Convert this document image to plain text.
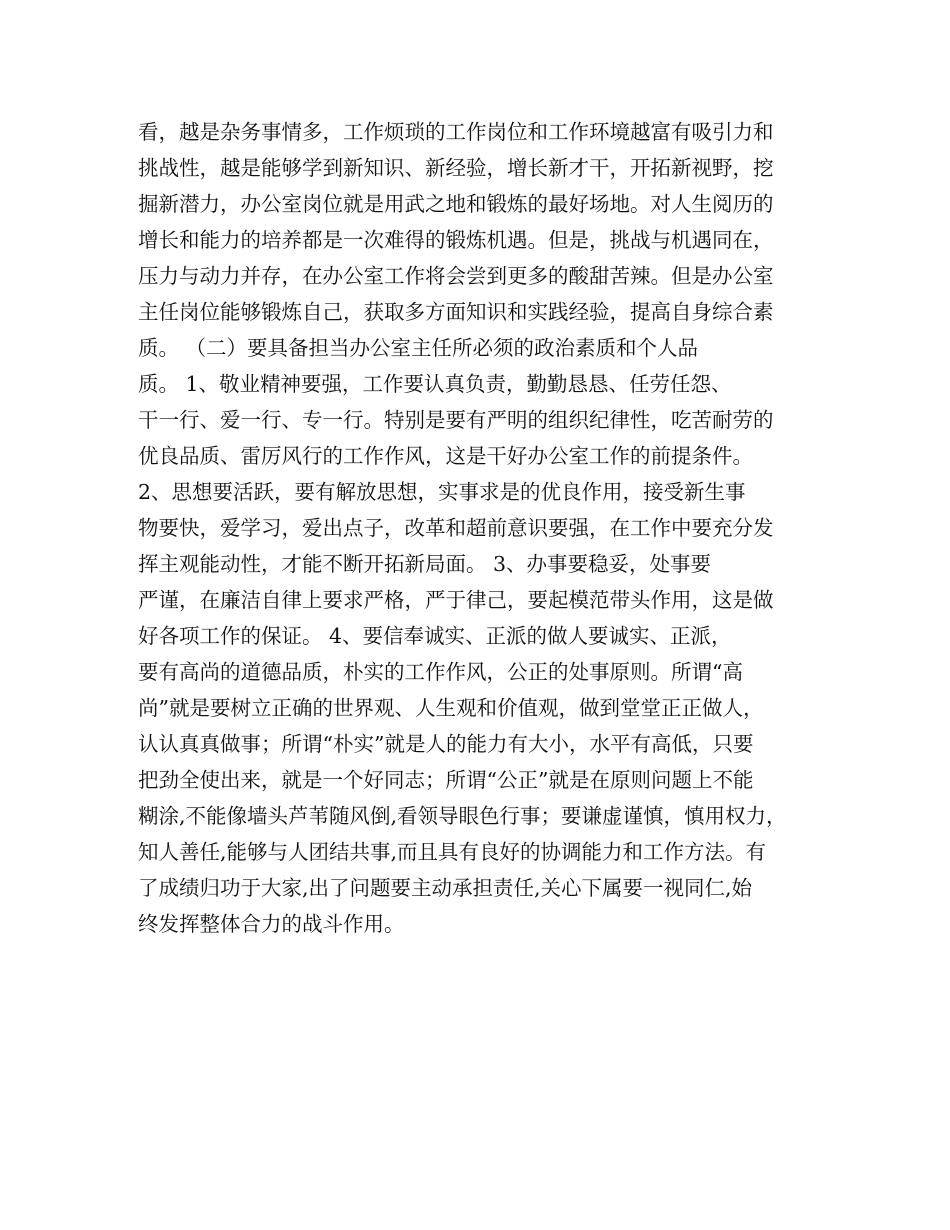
看，越是杂务事情多，工作烦琐的工作岗位和工作环境越富有吸引力和
挑战性，越是能够学到新知识、新经验，增长新才干，开拓新视野，挖
掘新潜力，办公室岗位就是用武之地和锻炼的最好场地。对人生阅历的
增长和能力的培养都是一次难得的锻炼机遇。但是，挑战与机遇同在，
压力与动力并存，在办公室工作将会尝到更多的酸甜苦辣。但是办公室
主任岗位能够锻炼自己，获取多方面知识和实践经验，提高自身综合素
质。 （二）要具备担当办公室主任所必须的政治素质和个人品
质。 1、敬业精神要强，工作要认真负责，勤勤恳恳、任劳任怨、
干一行、爱一行、专一行。特别是要有严明的组织纪律性，吃苦耐劳的
优良品质、雷厉风行的工作作风，这是干好办公室工作的前提条件。
2、思想要活跃，要有解放思想，实事求是的优良作用，接受新生事
物要快，爱学习，爱出点子，改革和超前意识要强，在工作中要充分发
挥主观能动性，才能不断开拓新局面。 3、办事要稳妥，处事要
严谨，在廉洁自律上要求严格，严于律己，要起模范带头作用，这是做
好各项工作的保证。 4、要信奉诚实、正派的做人要诚实、正派，
要有高尚的道德品质，朴实的工作作风，公正的处事原则。所谓“高
尚”就是要树立正确的世界观、人生观和价值观，做到堂堂正正做人，
认认真真做事；所谓“朴实”就是人的能力有大小，水平有高低，只要
把劲全使出来，就是一个好同志；所谓“公正”就是在原则问题上不能
糊涂,不能像墙头芦苇随风倒,看领导眼色行事；要谦虚谨慎，慎用权力，
知人善任,能够与人团结共事,而且具有良好的协调能力和工作方法。有
了成绩归功于大家,出了问题要主动承担责任,关心下属要一视同仁,始
终发挥整体合力的战斗作用。
